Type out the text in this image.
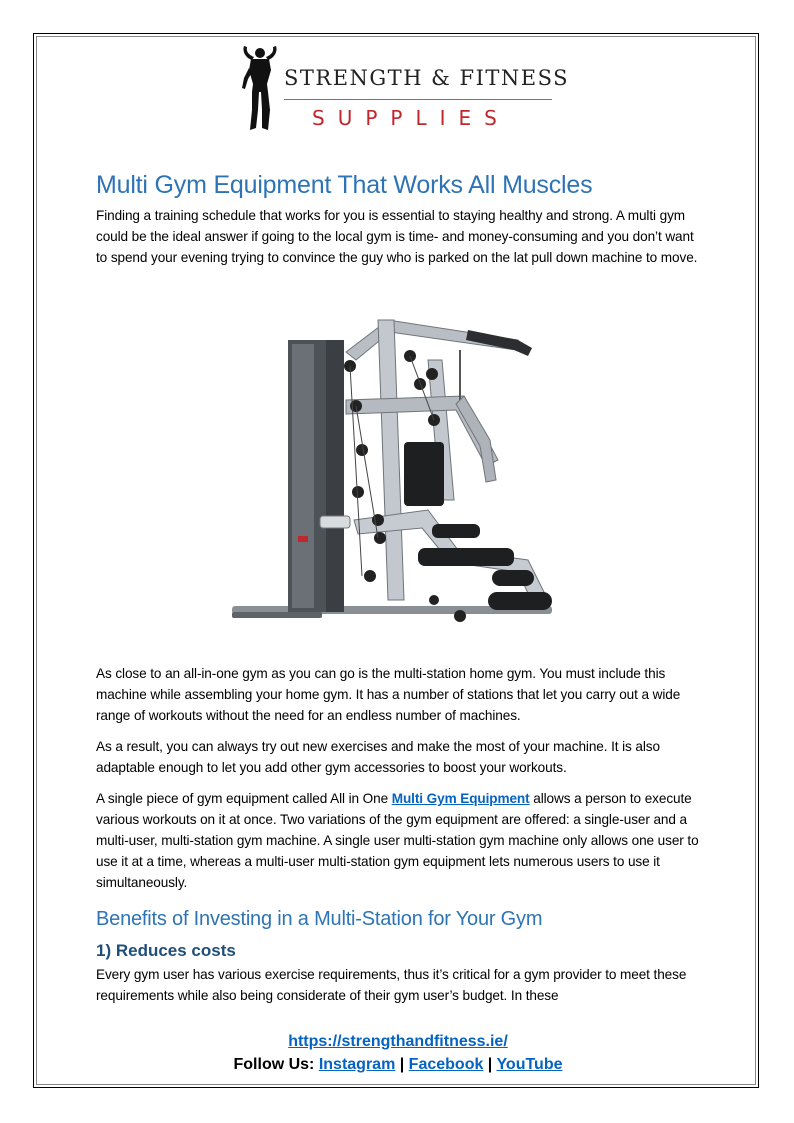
STRENGTH & FITNESS
SUPPLIES
Multi Gym Equipment That Works All Muscles

Finding a training schedule that works for you is essential to staying healthy and strong. A multi gym could be the ideal answer if going to the local gym is time- and money-consuming and you don’t want to spend your evening trying to convince the guy who is parked on the lat pull down machine to move.

As close to an all-in-one gym as you can go is the multi-station home gym. You must include this machine while assembling your home gym. It has a number of stations that let you carry out a wide range of workouts without the need for an endless number of machines.

As a result, you can always try out new exercises and make the most of your machine. It is also adaptable enough to let you add other gym accessories to boost your workouts.

A single piece of gym equipment called All in One Multi Gym Equipment allows a person to execute various workouts on it at once. Two variations of the gym equipment are offered: a single-user and a multi-user, multi-station gym machine. A single user multi-station gym machine only allows one user to use it at a time, whereas a multi-user multi-station gym equipment lets numerous users to use it simultaneously.

Benefits of Investing in a Multi-Station for Your Gym
1) Reduces costs

Every gym user has various exercise requirements, thus it’s critical for a gym provider to meet these requirements while also being considerate of their gym user’s budget. In these

https://strengthandfitness.ie/
Follow Us: Instagram | Facebook | YouTube
